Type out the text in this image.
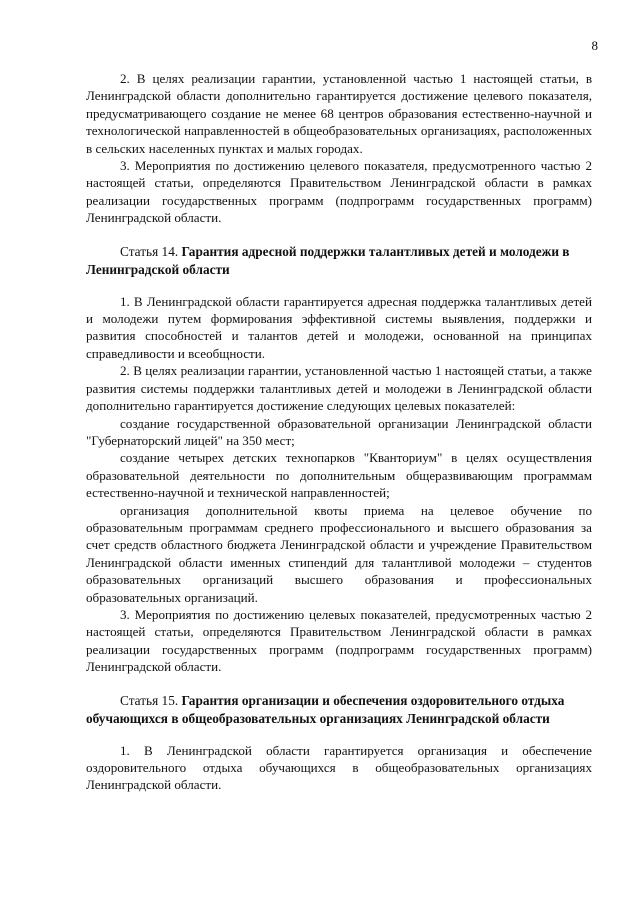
8

2. В целях реализации гарантии, установленной частью 1 настоящей статьи, в Ленинградской области дополнительно гарантируется достижение целевого показателя, предусматривающего создание не менее 68 центров образования естественно-научной и технологической направленностей в общеобразовательных организациях, расположенных в сельских населенных пунктах и малых городах.

3. Мероприятия по достижению целевого показателя, предусмотренного частью 2 настоящей статьи, определяются Правительством Ленинградской области в рамках реализации государственных программ (подпрограмм государственных программ) Ленинградской области.

Статья 14. Гарантия адресной поддержки талантливых детей и молодежи в Ленинградской области

1. В Ленинградской области гарантируется адресная поддержка талантливых детей и молодежи путем формирования эффективной системы выявления, поддержки и развития способностей и талантов детей и молодежи, основанной на принципах справедливости и всеобщности.

2. В целях реализации гарантии, установленной частью 1 настоящей статьи, а также развития системы поддержки талантливых детей и молодежи в Ленинградской области дополнительно гарантируется достижение следующих целевых показателей:

создание государственной образовательной организации Ленинградской области "Губернаторский лицей" на 350 мест;

создание четырех детских технопарков "Кванториум" в целях осуществления образовательной деятельности по дополнительным общеразвивающим программам естественно-научной и технической направленностей;

организация дополнительной квоты приема на целевое обучение по образовательным программам среднего профессионального и высшего образования за счет средств областного бюджета Ленинградской области и учреждение Правительством Ленинградской области именных стипендий для талантливой молодежи – студентов образовательных организаций высшего образования и профессиональных образовательных организаций.

3. Мероприятия по достижению целевых показателей, предусмотренных частью 2 настоящей статьи, определяются Правительством Ленинградской области в рамках реализации государственных программ (подпрограмм государственных программ) Ленинградской области.

Статья 15. Гарантия организации и обеспечения оздоровительного отдыха обучающихся в общеобразовательных организациях Ленинградской области

1. В Ленинградской области гарантируется организация и обеспечение оздоровительного отдыха обучающихся в общеобразовательных организациях Ленинградской области.
